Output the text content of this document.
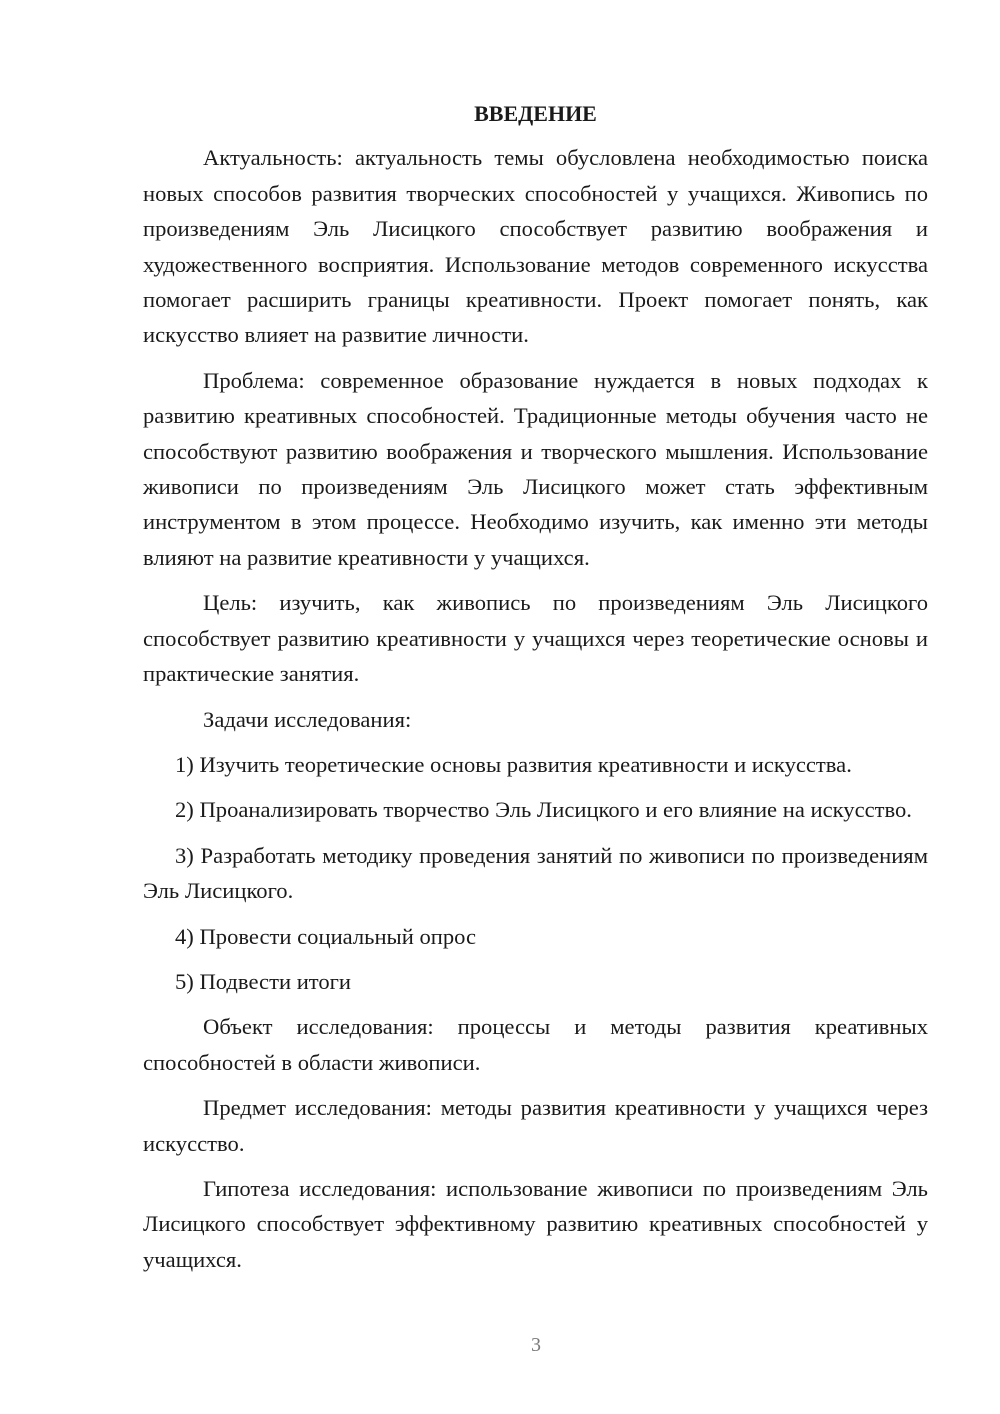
ВВЕДЕНИЕ

Актуальность: актуальность темы обусловлена необходимостью поиска новых способов развития творческих способностей у учащихся. Живопись по произведениям Эль Лисицкого способствует развитию воображения и художественного восприятия. Использование методов современного искусства помогает расширить границы креативности. Проект помогает понять, как искусство влияет на развитие личности.

Проблема: современное образование нуждается в новых подходах к развитию креативных способностей. Традиционные методы обучения часто не способствуют развитию воображения и творческого мышления. Использование живописи по произведениям Эль Лисицкого может стать эффективным инструментом в этом процессе. Необходимо изучить, как именно эти методы влияют на развитие креативности у учащихся.

Цель: изучить, как живопись по произведениям Эль Лисицкого способствует развитию креативности у учащихся через теоретические основы и практические занятия.

Задачи исследования:

1) Изучить теоретические основы развития креативности и искусства.

2) Проанализировать творчество Эль Лисицкого и его влияние на искусство.

3) Разработать методику проведения занятий по живописи по произведениям Эль Лисицкого.

4) Провести социальный опрос

5) Подвести итоги

Объект исследования: процессы и методы развития креативных способностей в области живописи.

Предмет исследования: методы развития креативности у учащихся через искусство.

Гипотеза исследования: использование живописи по произведениям Эль Лисицкого способствует эффективному развитию креативных способностей у учащихся.

3
